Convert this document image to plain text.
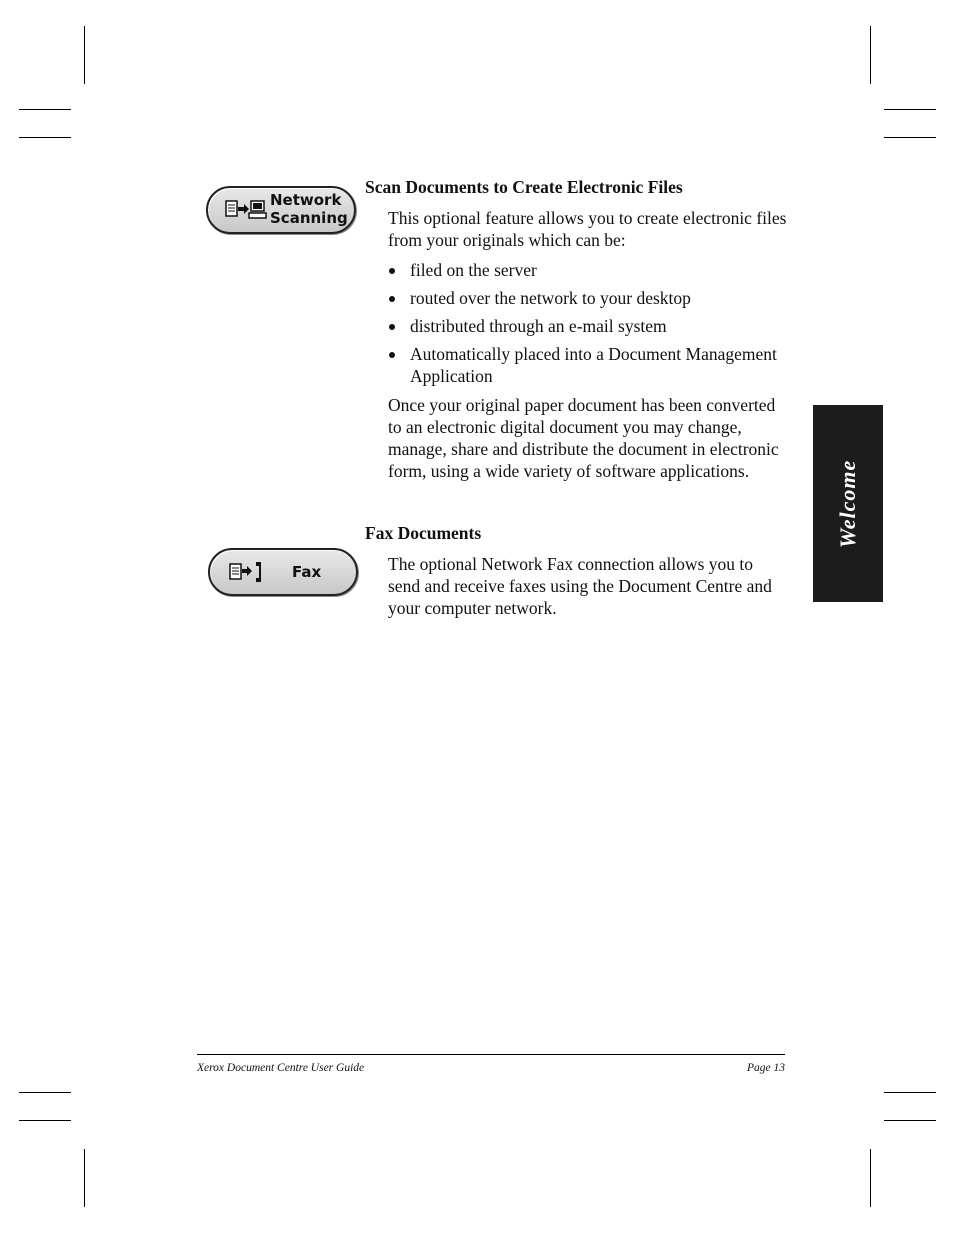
Network
Scanning
Scan Documents to Create Electronic Files

This optional feature allows you to create electronic files from your originals which can be:

filed on the server
routed over the network to your desktop
distributed through an e-mail system
Automatically placed into a Document Management Application

Once your original paper document has been converted to an electronic digital document you may change, manage, share and distribute the document in electronic form, using a wide variety of software applications.

Fax Documents
Fax	The optional Network Fax connection allows you to send and receive faxes using the Document Centre and your computer network.

Welcome
Xerox Document Centre User Guide	Page 13
